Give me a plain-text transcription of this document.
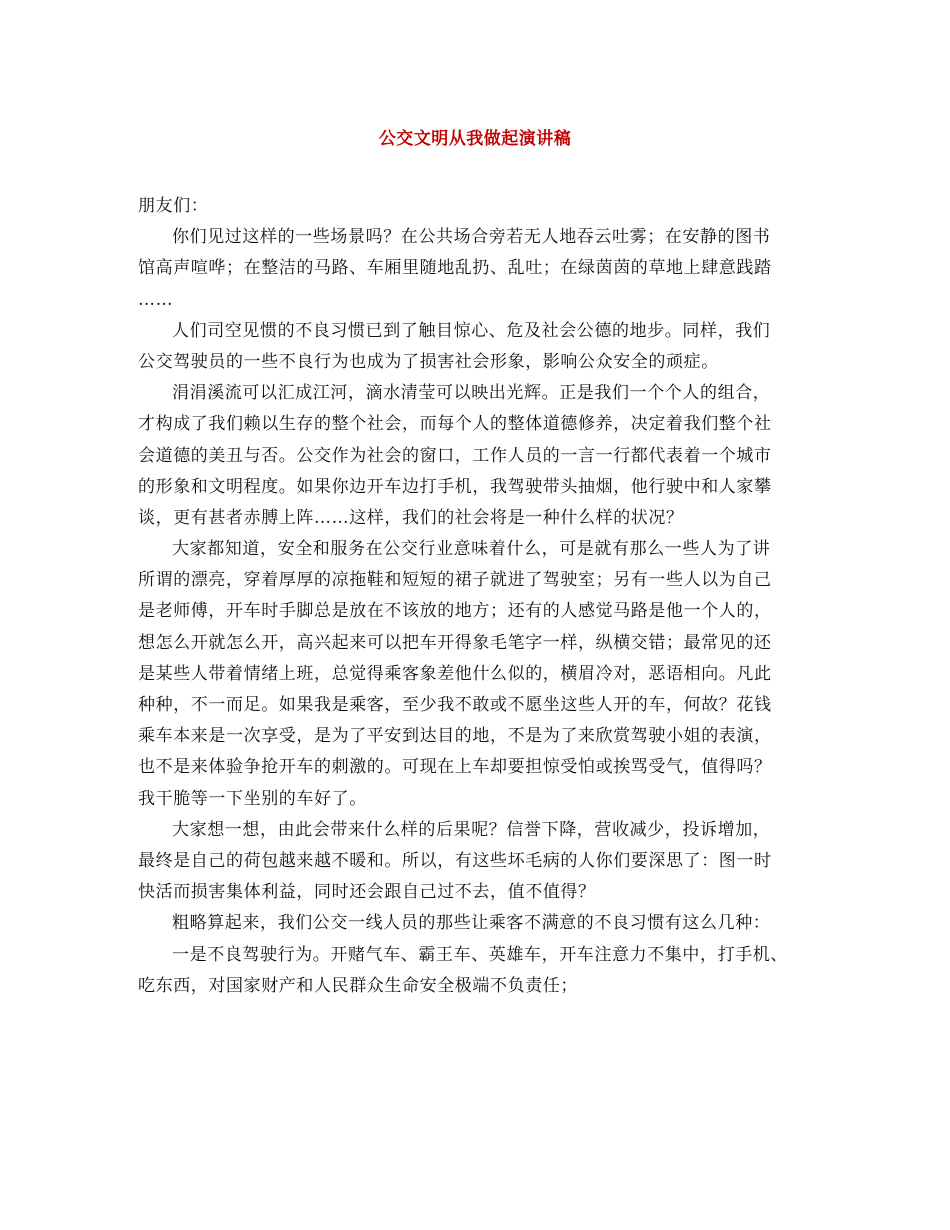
公交文明从我做起演讲稿
朋友们：
你们见过这样的一些场景吗？在公共场合旁若无人地吞云吐雾；在安静的图书
馆高声喧哗；在整洁的马路、车厢里随地乱扔、乱吐；在绿茵茵的草地上肆意践踏
……
人们司空见惯的不良习惯已到了触目惊心、危及社会公德的地步。同样，我们
公交驾驶员的一些不良行为也成为了损害社会形象，影响公众安全的顽症。
涓涓溪流可以汇成江河，滴水清莹可以映出光辉。正是我们一个个人的组合，
才构成了我们赖以生存的整个社会，而每个人的整体道德修养，决定着我们整个社
会道德的美丑与否。公交作为社会的窗口，工作人员的一言一行都代表着一个城市
的形象和文明程度。如果你边开车边打手机，我驾驶带头抽烟，他行驶中和人家攀
谈，更有甚者赤膊上阵……这样，我们的社会将是一种什么样的状况？
大家都知道，安全和服务在公交行业意味着什么，可是就有那么一些人为了讲
所谓的漂亮，穿着厚厚的凉拖鞋和短短的裙子就进了驾驶室；另有一些人以为自己
是老师傅，开车时手脚总是放在不该放的地方；还有的人感觉马路是他一个人的，
想怎么开就怎么开，高兴起来可以把车开得象毛笔字一样，纵横交错；最常见的还
是某些人带着情绪上班，总觉得乘客象差他什么似的，横眉冷对，恶语相向。凡此
种种，不一而足。如果我是乘客，至少我不敢或不愿坐这些人开的车，何故？花钱
乘车本来是一次享受，是为了平安到达目的地，不是为了来欣赏驾驶小姐的表演，
也不是来体验争抢开车的刺激的。可现在上车却要担惊受怕或挨骂受气，值得吗？
我干脆等一下坐别的车好了。
大家想一想，由此会带来什么样的后果呢？信誉下降，营收减少，投诉增加，
最终是自己的荷包越来越不暖和。所以，有这些坏毛病的人你们要深思了：图一时
快活而损害集体利益，同时还会跟自己过不去，值不值得？
粗略算起来，我们公交一线人员的那些让乘客不满意的不良习惯有这么几种：
一是不良驾驶行为。开赌气车、霸王车、英雄车，开车注意力不集中，打手机、
吃东西，对国家财产和人民群众生命安全极端不负责任；
